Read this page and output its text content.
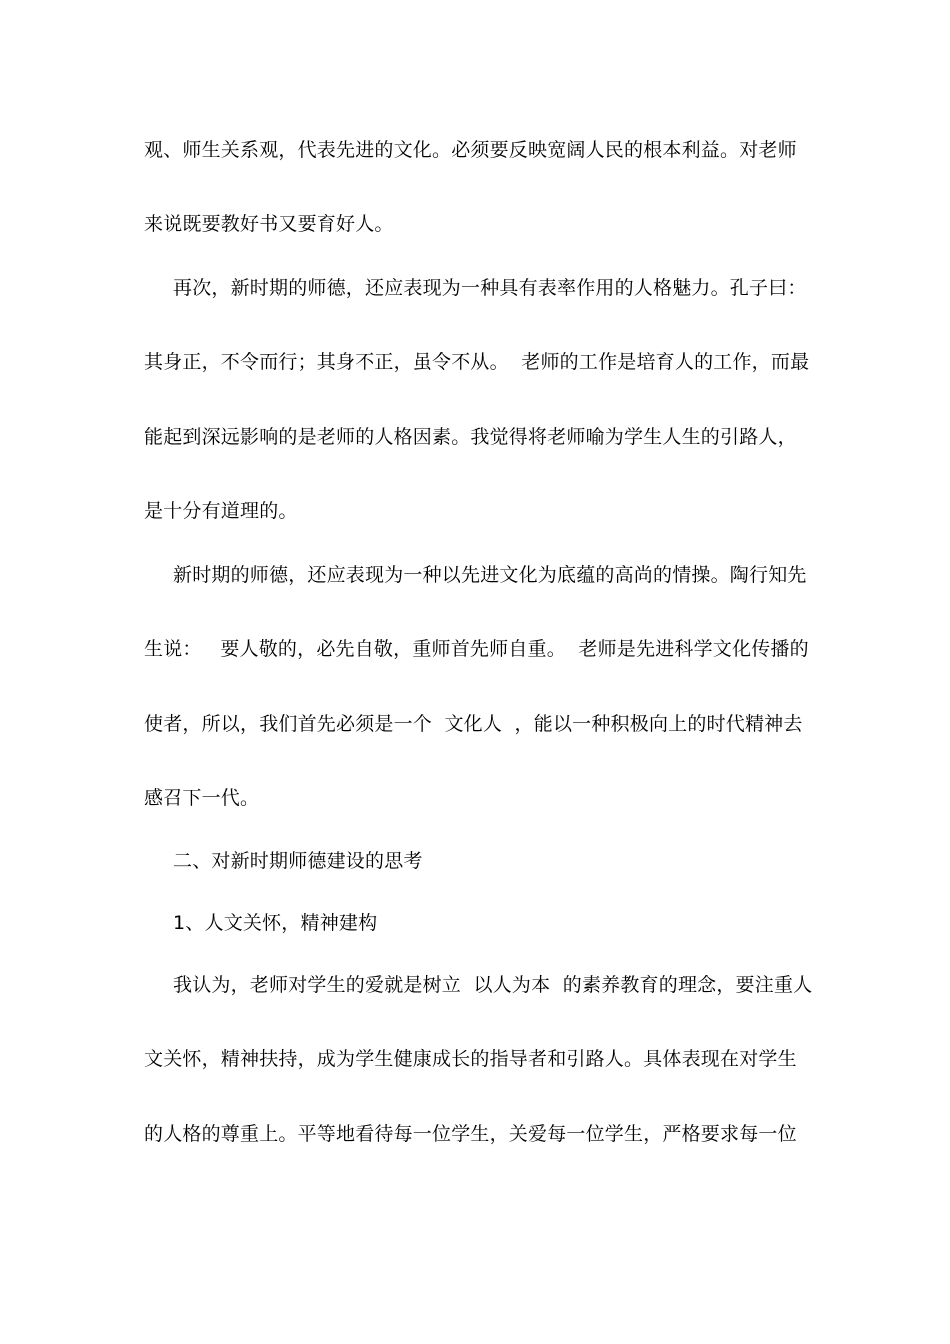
观、师生关系观，代表先进的文化。必须要反映宽阔人民的根本利益。对老师
来说既要教好书又要育好人。
再次，新时期的师德，还应表现为一种具有表率作用的人格魅力。孔子曰：
其身正，不令而行；其身不正，虽令不从。  老师的工作是培育人的工作，而最
能起到深远影响的是老师的人格因素。我觉得将老师喻为学生人生的引路人，
是十分有道理的。
新时期的师德，还应表现为一种以先进文化为底蕴的高尚的情操。陶行知先
生说：   要人敬的，必先自敬，重师首先师自重。  老师是先进科学文化传播的
使者，所以，我们首先必须是一个  文化人  ，能以一种积极向上的时代精神去
感召下一代。
二、对新时期师德建设的思考
1、人文关怀，精神建构
我认为，老师对学生的爱就是树立  以人为本  的素养教育的理念，要注重人
文关怀，精神扶持，成为学生健康成长的指导者和引路人。具体表现在对学生
的人格的尊重上。平等地看待每一位学生，关爱每一位学生，严格要求每一位
